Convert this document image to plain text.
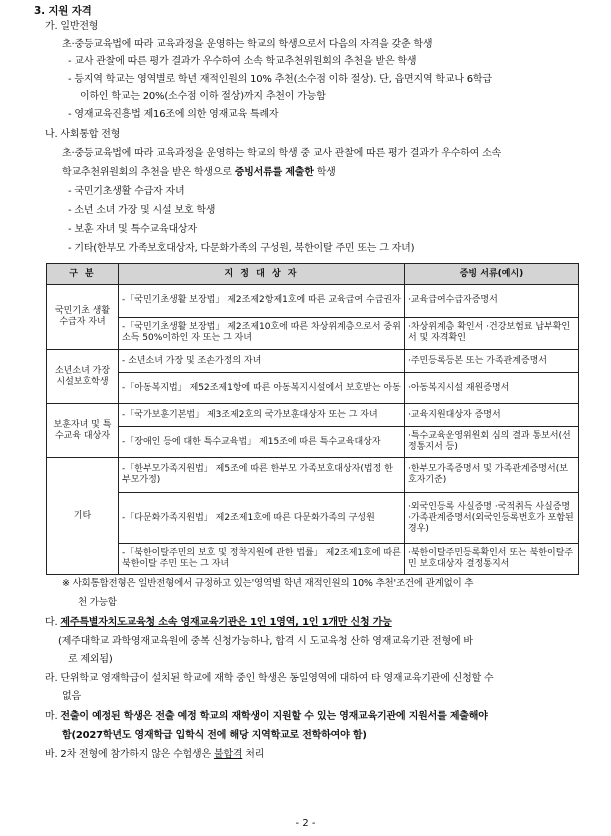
3. 지원 자격
가. 일반전형
초·중등교육법에 따라 교육과정을 운영하는 학교의 학생으로서 다음의 자격을 갖춘 학생
- 교사 관찰에 따른 평가 결과가 우수하여 소속 학교추천위원회의 추천을 받은 학생
- 등지역 학교는 영역별로 학년 재적인원의 10% 추천(소수점 이하 절상). 단, 읍면지역 학교나 6학급
이하인 학교는 20%(소수점 이하 절상)까지 추천이 가능함
- 영재교육진흥법 제16조에 의한 영재교육 특례자
나. 사회통합 전형
초·중등교육법에 따라 교육과정을 운영하는 학교의 학생 중 교사 관찰에 따른 평가 결과가 우수하여 소속
학교추천위원회의 추천을 받은 학생으로 증빙서류를 제출한 학생
- 국민기초생활 수급자 자녀
- 소년 소녀 가장 및 시설 보호 학생
- 보훈 자녀 및 특수교육대상자
- 기타(한부모 가족보호대상자, 다문화가족의 구성원, 북한이탈 주민 또는 그 자녀)
구 분	지 정 대 상 자	증빙 서류(예시)
국민기초 생활 수급자 자녀	-「국민기초생활 보장법」 제2조제2항제1호에 따른 교육급여 수급권자	·교육급여수급자증명서
	-「국민기초생활 보장법」 제2조제10호에 따른 차상위계층으로서 중위소득 50%이하인 자 또는 그 자녀	·차상위계층 확인서 ·건강보험료 납부확인서 및 자격확인
소년소녀 가장 시설보호학생	- 소년소녀 가장 및 조손가정의 자녀	·주민등록등본 또는 가족관계증명서
	-「아동복지법」 제52조제1항에 따른 아동복지시설에서 보호받는 아동	·아동복지시설 재원증명서
보훈자녀 및 특수교육 대상자	-「국가보훈기본법」 제3조제2호의 국가보훈대상자 또는 그 자녀	·교육지원대상자 증명서
	-「장애인 등에 대한 특수교육법」 제15조에 따른 특수교육대상자	·특수교육운영위원회 심의 결과 통보서(선정통지서 등)
기타	-「한부모가족지원법」 제5조에 따른 한부모 가족보호대상자(법정 한부모가정)	·한부모가족증명서 및 가족관계증명서(보호자기준)
	-「다문화가족지원법」 제2조제1호에 따른 다문화가족의 구성원	·외국인등록 사실증명 ·국적취득 사실증명 ·가족관계증명서(외국인등록번호가 포함된 경우)
	-「북한이탈주민의 보호 및 정착지원에 관한 법률」 제2조제1호에 따른 북한이탈 주민 또는 그 자녀	·북한이탈주민등록확인서 또는 북한이탈주민 보호대상자 결정통지서
※ 사회통합전형은 일반전형에서 규정하고 있는'영역별 학년 재적인원의 10% 추천'조건에 관계없이 추
천 가능함
다. 제주특별자치도교육청 소속 영재교육기관은 1인 1영역, 1인 1개만 신청 가능
(제주대학교 과학영재교육원에 중복 신청가능하나, 합격 시 도교육청 산하 영재교육기관 전형에 바
로 제외됨)
라. 단위학교 영재학급이 설치된 학교에 재학 중인 학생은 동일영역에 대하여 타 영재교육기관에 신청할 수
없음
마. 전출이 예정된 학생은 전출 예정 학교의 재학생이 지원할 수 있는 영재교육기관에 지원서를 제출해야
함(2027학년도 영재학급 입학식 전에 해당 지역학교로 전학하여야 함)
바. 2차 전형에 참가하지 않은 수험생은 불합격 처리
- 2 -
